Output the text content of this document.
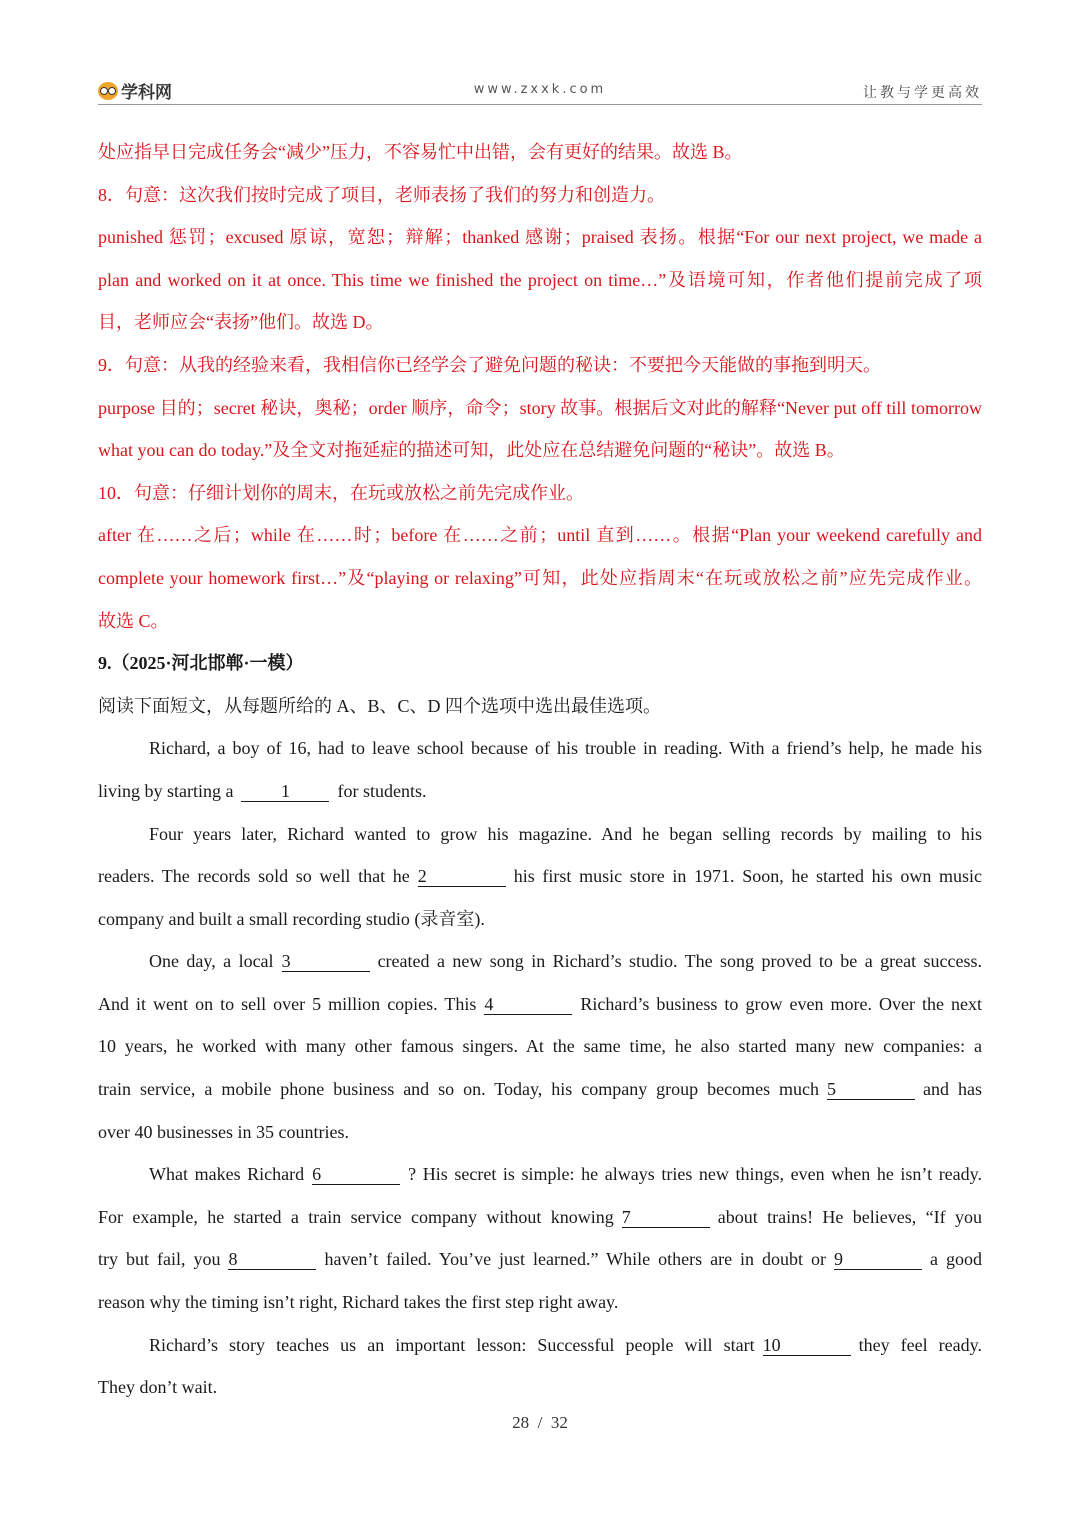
学科网	www.zxxk.com	让教与学更高效
处应指早日完成任务会“减少”压力，不容易忙中出错，会有更好的结果。故选 B。
8．句意：这次我们按时完成了项目，老师表扬了我们的努力和创造力。
punished 惩罚；excused 原谅，宽恕；辩解；thanked 感谢；praised 表扬。根据“For our next project, we made a
plan and worked on it at once. This time we finished the project on time…”及语境可知，作者他们提前完成了项
目，老师应会“表扬”他们。故选 D。
9．句意：从我的经验来看，我相信你已经学会了避免问题的秘诀：不要把今天能做的事拖到明天。
purpose 目的；secret 秘诀，奥秘；order 顺序，命令；story 故事。根据后文对此的解释“Never put off till tomorrow
what you can do today.”及全文对拖延症的描述可知，此处应在总结避免问题的“秘诀”。故选 B。
10．句意：仔细计划你的周末，在玩或放松之前先完成作业。
after 在……之后；while 在……时；before 在……之前；until 直到……。根据“Plan your weekend carefully and
complete your homework first…”及“playing or relaxing”可知，此处应指周末“在玩或放松之前”应先完成作业。
故选 C。
9.（2025·河北邯郸·一模）
阅读下面短文，从每题所给的 A、B、C、D 四个选项中选出最佳选项。
Richard, a boy of 16, had to leave school because of his trouble in reading. With a friend’s help, he made his
living by starting a	1	for students.
Four years later, Richard wanted to grow his magazine. And he began selling records by mailing to his
readers. The records sold so well that he 2	his first music store in 1971. Soon, he started his own music
company and built a small recording studio (录音室).
One day, a local 3	created a new song in Richard’s studio. The song proved to be a great success.
And it went on to sell over 5 million copies. This 4	Richard’s business to grow even more. Over the next
10 years, he worked with many other famous singers. At the same time, he also started many new companies: a
train service, a mobile phone business and so on. Today, his company group becomes much 5	and has
over 40 businesses in 35 countries.
What makes Richard 6	? His secret is simple: he always tries new things, even when he isn’t ready.
For example, he started a train service company without knowing 7	about trains! He believes, “If you
try but fail, you 8	haven’t failed. You’ve just learned.” While others are in doubt or 9	a good
reason why the timing isn’t right, Richard takes the first step right away.
Richard’s story teaches us an important lesson: Successful people will start 10	they feel ready.
They don’t wait.
28 / 32
